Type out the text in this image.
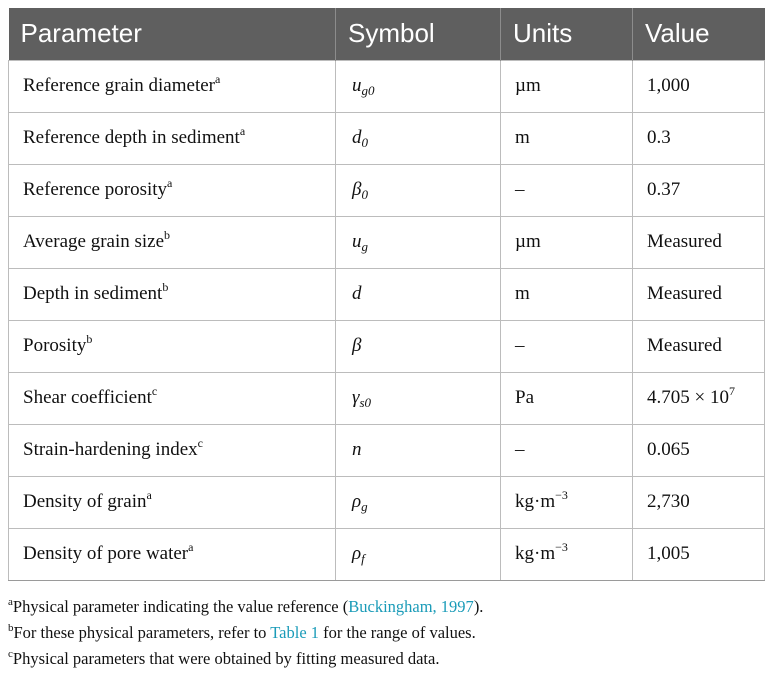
Parameter	Symbol	Units	Value
Reference grain diameter$^a$	$u_{g0}$	µm	1,000
Reference depth in sediment$^a$	$d_0$	m	0.3
Reference porosity$^a$	$\beta_0$	–	0.37
Average grain size$^b$	$u_g$	µm	Measured
Depth in sediment$^b$	d	m	Measured
Porosity$^b$	β	–	Measured
Shear coefficient$^c$	$\gamma_{s0}$	Pa	$4.705 \times 10^7$
Strain-hardening index$^c$	n	–	0.065
Density of grain$^a$	$\rho_g$	$kg\cdot m^{-3}$	2,730
Density of pore water$^a$	$\rho_f$	$kg\cdot m^{-3}$	1,005
$^a$Physical parameter indicating the value reference (Buckingham, 1997).
$^b$For these physical parameters, refer to Table 1 for the range of values.
$^c$Physical parameters that were obtained by fitting measured data.
